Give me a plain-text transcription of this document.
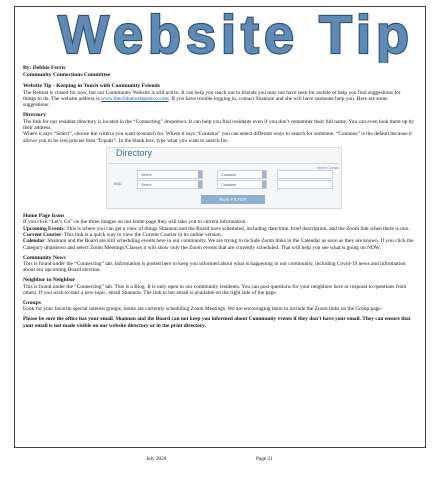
Website Tip
By: Debbie Ferris
Community Connections Committee
Website Tip - Keeping in Touch with Community Friends

The Retreat is closed for now, but our Community Website is still active. It can help you reach out to friends you may not have seen for awhile or help you find suggestions for things to do. The website address is www.theclubatwestparkco.com. If you have trouble logging in, contact Shannon and she will have someone help you. Here are some suggestions.

Directory

The link for our resident directory is located in the “Connecting” dropdown. It can help you find residents even if you don’t remember their full name. You can even look them up by their address.

Where it says “Select”, choose the criteria you want to search for. Where it says “Contains” you can select different ways to search for someone. “Contains” is the default because it allows you to be less precise than “Equals”. In the blank box, type what you want to search for.

Directory
Home Compa
Select	Contains
AND	Select	Contains
RUN FILTER
Home Page Icons

If you click “Let’s Go” on the three images on our home page they will take you to current information.

Upcoming Events: This is where you can get a view of things Shannon and the Board have scheduled, including date/time, brief description, and the Zoom link when there is one.

Current Courier: This link is a quick way to view the Current Courier in its online version.

Calendar: Shannon and the Board are still scheduling events here in our community. We are trying to include Zoom links in the Calendar as soon as they are known. If you click the Category dropdown and select Zoom Meetings/Classes it will show only the Zoom events that are currently scheduled. That will help you see what is going on NOW.

Community News

This is found under the “Connecting” tab. Information is posted here to keep you informed about what is happening in our community, including Covid-19 news and information about our upcoming Board election.

Neighbor to Neighbor

This is found under the “Connecting” tab. This is a Blog. It is only open to our community residents. You can post questions for your neighbors here or respond to questions from others. If you wish to start a new topic, email Shannon. The link to her email is available on the right side of the page.

Groups

Look for your favorite special interest groups. Some are currently scheduling Zoom Meetings. We are encouraging them to include the Zoom links on the Group page.

Please be sure the office has your email. Shannon and the Board can not keep you informed about Community events if they don’t have your email. They can ensure that your email is not made visible on our website directory or in the print directory.

July 2020	Page 21
